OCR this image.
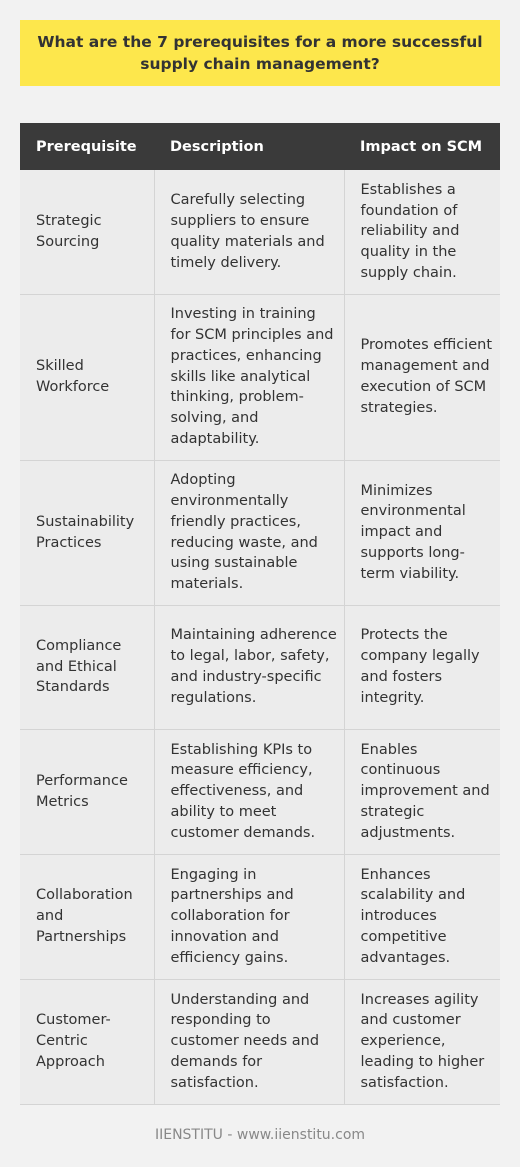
What are the 7 prerequisites for a more successful supply chain management?
Prerequisite	Description	Impact on SCM
Strategic Sourcing	Carefully selecting suppliers to ensure quality materials and timely delivery.	Establishes a foundation of reliability and quality in the supply chain.
Skilled Workforce	Investing in training for SCM principles and practices, enhancing skills like analytical thinking, problem-solving, and adaptability.	Promotes efficient management and execution of SCM strategies.
Sustainability Practices	Adopting environmentally friendly practices, reducing waste, and using sustainable materials.	Minimizes environmental impact and supports long-term viability.
Compliance and Ethical Standards	Maintaining adherence to legal, labor, safety, and industry-specific regulations.	Protects the company legally and fosters integrity.
Performance Metrics	Establishing KPIs to measure efficiency, effectiveness, and ability to meet customer demands.	Enables continuous improvement and strategic adjustments.
Collaboration and Partnerships	Engaging in partnerships and collaboration for innovation and efficiency gains.	Enhances scalability and introduces competitive advantages.
Customer-Centric Approach	Understanding and responding to customer needs and demands for satisfaction.	Increases agility and customer experience, leading to higher satisfaction.
IIENSTITU - www.iienstitu.com
